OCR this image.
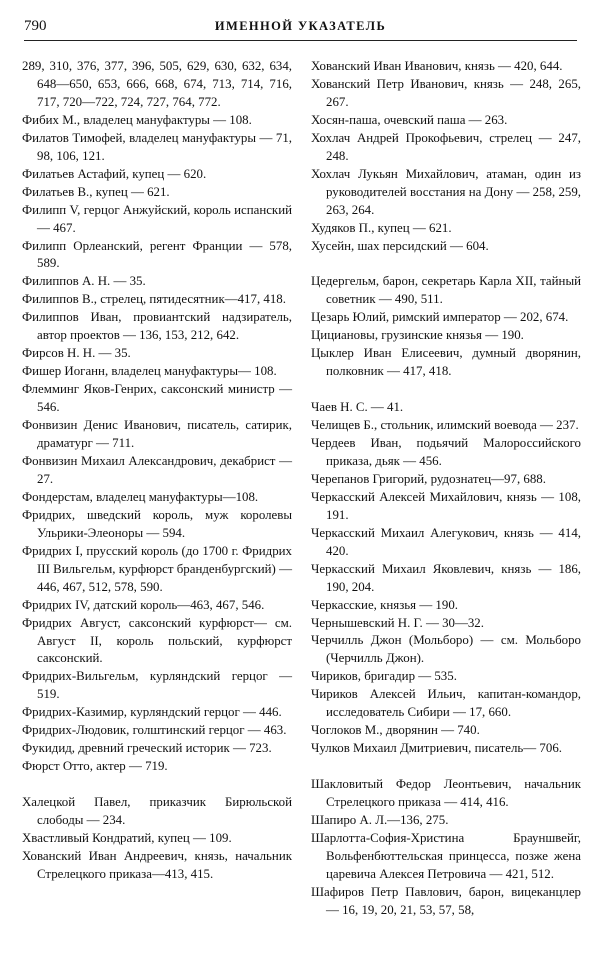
790	ИМЕННОЙ УКАЗАТЕЛЬ
289, 310, 376, 377, 396, 505, 629, 630, 632, 634, 648—650, 653, 666, 668, 674, 713, 714, 716, 717, 720—722, 724, 727, 764, 772.
Фибих М., владелец мануфактуры — 108.
Филатов Тимофей, владелец мануфактуры — 71, 98, 106, 121.
Филатьев Астафий, купец — 620.
Филатьев В., купец — 621.
Филипп V, герцог Анжуйский, король испанский — 467.
Филипп Орлеанский, регент Франции — 578, 589.
Филиппов А. Н. — 35.
Филиппов В., стрелец, пятидесятник—417, 418.
Филиппов Иван, провиантский надзиратель, автор проектов — 136, 153, 212, 642.
Фирсов Н. Н. — 35.
Фишер Иоганн, владелец мануфактуры— 108.
Флемминг Яков-Генрих, саксонский министр — 546.
Фонвизин Денис Иванович, писатель, сатирик, драматург — 711.
Фонвизин Михаил Александрович, декабрист — 27.
Фондерстам, владелец мануфактуры—108.
Фридрих, шведский король, муж королевы Ульрики-Элеоноры — 594.
Фридрих I, прусский король (до 1700 г. Фридрих III Вильгельм, курфюрст бранденбургский) — 446, 467, 512, 578, 590.
Фридрих IV, датский король—463, 467, 546.
Фридрих Август, саксонский курфюрст— см. Август II, король польский, курфюрст саксонский.
Фридрих-Вильгельм, курляндский герцог — 519.
Фридрих-Казимир, курляндский герцог — 446.
Фридрих-Людовик, голштинский герцог — 463.
Фукидид, древний греческий историк — 723.
Фюрст Отто, актер — 719.
Халецкой Павел, приказчик Бирюльской слободы — 234.
Хвастливый Кондратий, купец — 109.
Хованский Иван Андреевич, князь, начальник Стрелецкого приказа—413, 415.
Хованский Иван Иванович, князь — 420, 644.
Хованский Петр Иванович, князь — 248, 265, 267.
Хосян-паша, очевский паша — 263.
Хохлач Андрей Прокофьевич, стрелец — 247, 248.
Хохлач Лукьян Михайлович, атаман, один из руководителей восстания на Дону — 258, 259, 263, 264.
Худяков П., купец — 621.
Хусейн, шах персидский — 604.
Цедергельм, барон, секретарь Карла XII, тайный советник — 490, 511.
Цезарь Юлий, римский император — 202, 674.
Цициановы, грузинские князья — 190.
Цыклер Иван Елисеевич, думный дворянин, полковник — 417, 418.
Чаев Н. С. — 41.
Челищев Б., стольник, илимский воевода — 237.
Чердеев Иван, подьячий Малороссийского приказа, дьяк — 456.
Черепанов Григорий, рудознатец—97, 688.
Черкасский Алексей Михайлович, князь — 108, 191.
Черкасский Михаил Алегукович, князь — 414, 420.
Черкасский Михаил Яковлевич, князь — 186, 190, 204.
Черкасские, князья — 190.
Чернышевский Н. Г. — 30—32.
Черчилль Джон (Мольборо) — см. Мольборо (Черчилль Джон).
Чириков, бригадир — 535.
Чириков Алексей Ильич, капитан-командор, исследователь Сибири — 17, 660.
Чоглоков М., дворянин — 740.
Чулков Михаил Дмитриевич, писатель— 706.
Шакловитый Федор Леонтьевич, начальник Стрелецкого приказа — 414, 416.
Шапиро А. Л.—136, 275.
Шарлотта-София-Христина Брауншвейг, Вольфенбюттельская принцесса, позже жена царевича Алексея Петровича — 421, 512.
Шафиров Петр Павлович, барон, вицеканцлер — 16, 19, 20, 21, 53, 57, 58,
